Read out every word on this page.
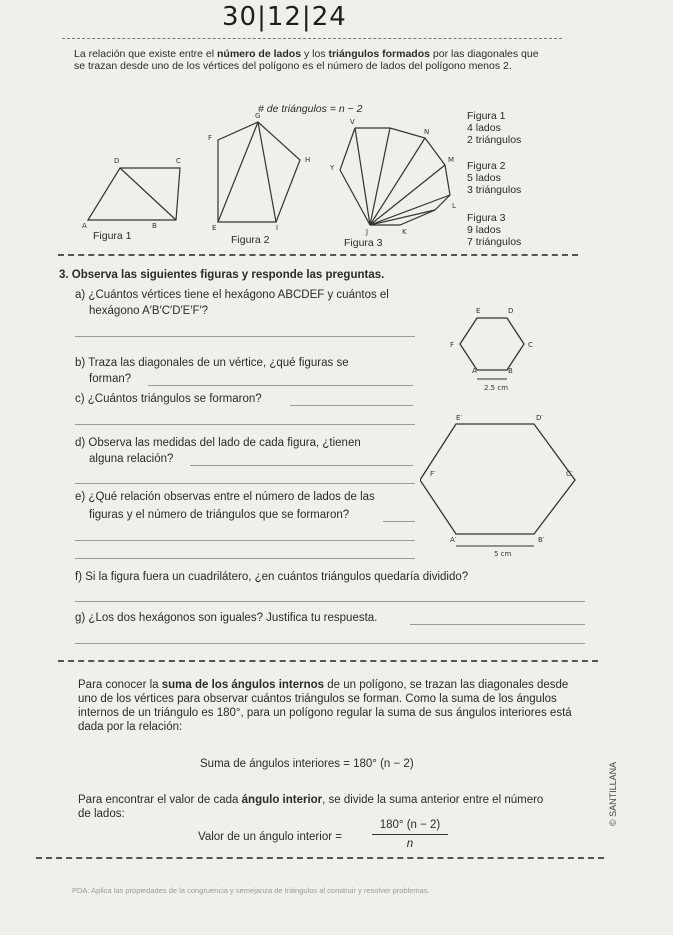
30|12|24
La relación que existe entre el número de lados y los triángulos formados por las diagonales que se trazan desde uno de los vértices del polígono es el número de lados del polígono menos 2.
# de triángulos = n − 2
D	C
A	B
G
F
H
E	I
V
N
Y
M
L
J	K
Figura 1	Figura 2	Figura 3
Figura 1
4 lados
2 triángulos
Figura 2
5 lados
3 triángulos
Figura 3
9 lados
7 triángulos
3. Observa las siguientes figuras y responde las preguntas.
a) ¿Cuántos vértices tiene el hexágono ABCDEF y cuántos el
hexágono A′B′C′D′E′F′?
b) Traza las diagonales de un vértice, ¿qué figuras se
forman?
c) ¿Cuántos triángulos se formaron?
d) Observa las medidas del lado de cada figura, ¿tienen
alguna relación?
e) ¿Qué relación observas entre el número de lados de las
figuras y el número de triángulos que se formaron?
f) Si la figura fuera un cuadrilátero, ¿en cuántos triángulos quedaría dividido?
g) ¿Los dos hexágonos son iguales? Justifica tu respuesta.
E	D
F	C
A	B
2.5 cm
E′	D′
F′	C′
A′	B′
5 cm
Para conocer la suma de los ángulos internos de un polígono, se trazan las diagonales desde uno de los vértices para observar cuántos triángulos se forman. Como la suma de los ángulos internos de un triángulo es 180°, para un polígono regular la suma de sus ángulos interiores está dada por la relación:
Suma de ángulos interiores = 180° (n − 2)
Para encontrar el valor de cada ángulo interior, se divide la suma anterior entre el número de lados:
Valor de un ángulo interior =	$\frac{180^\circ (n - 2)}{n}$
© SANTILLANA
PDA: Aplica las propiedades de la congruencia y semejanza de triángulos al construir y resolver problemas.
